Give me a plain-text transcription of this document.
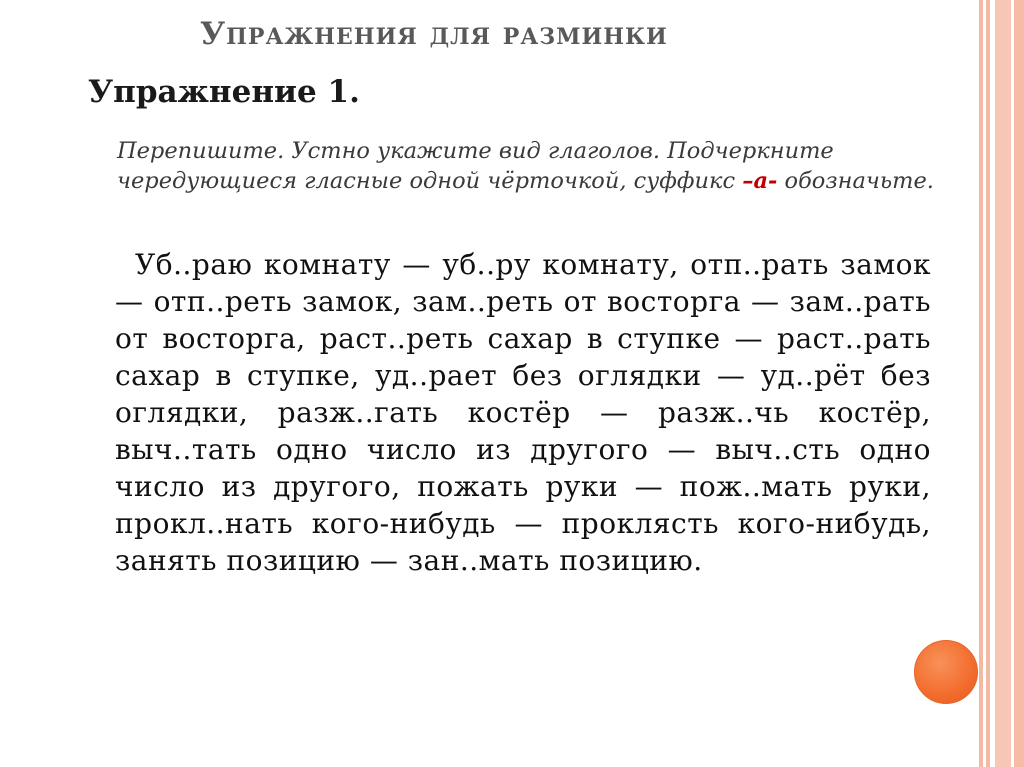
Упражнения для разминки
Упражнение 1.
Перепишите. Устно укажите вид глаголов. Подчеркните чередующиеся гласные одной чёрточкой, суффикс –а- обозначьте.
Уб..раю комнату — уб..ру комнату, отп..рать замок — отп..реть замок, зам..реть от восторга — зам..рать от восторга, раст..реть сахар в ступке — раст..рать сахар в ступке, уд..рает без оглядки — уд..рёт без оглядки, разж..гать костёр — разж..чь костёр, выч..тать одно число из другого — выч..сть одно число из другого, пожать руки — пож..мать руки, прокл..нать кого-нибудь — проклясть кого-нибудь, занять позицию — зан..мать позицию.
